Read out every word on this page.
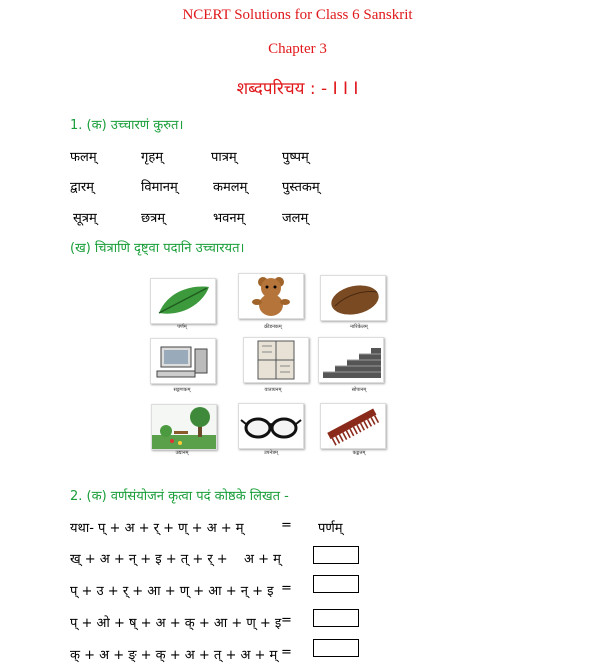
NCERT Solutions for Class 6 Sanskrit
Chapter 3
शब्दपरिचय : - I I I
1. (क) उच्चारणं कुरुत।
फलम्	गृहम्	पात्रम्	पुष्पम्
द्वारम्	विमानम्	कमलम्	पुस्तकम्
सूत्रम्	छत्रम्	भवनम्	जलम्
(ख) चित्राणि दृष्ट्वा पदानि उच्चारयत।
पर्णम्	क्रीडनकम्	नारिकेलम्
सङ्गणकम्	वातायनम्	सोपानम्
उद्यानम्	उपनेत्रम्	कङ्कतम्
2. (क) वर्णसंयोजनं कृत्वा पदं कोष्ठके लिखत -
यथा- प् + अ + र् + ण् + अ + म्	= पर्णम्
ख् + अ + न् + इ + त् + र् + अ + म्
प् + उ + र् + आ + ण् + आ + न् + इ =
प् + ओ + ष् + अ + क् + आ + ण् + इ =
क् + अ + ङ् + क् + अ + त् + अ + म् =
